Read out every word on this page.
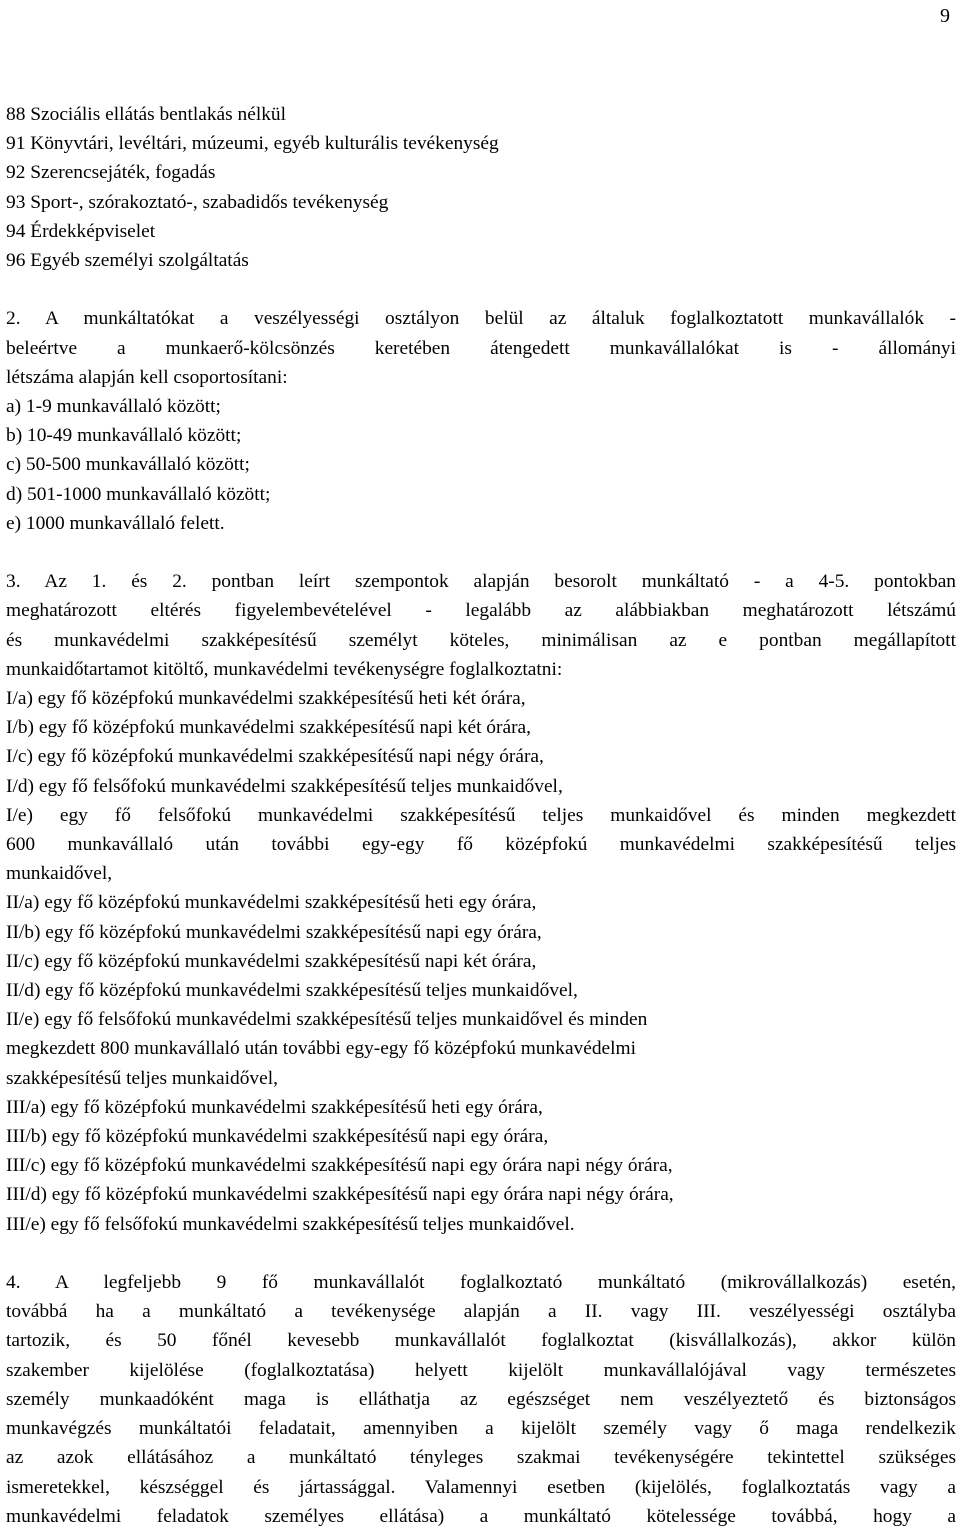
9
88 Szociális ellátás bentlakás nélkül
91 Könyvtári, levéltári, múzeumi, egyéb kulturális tevékenység
92 Szerencsejáték, fogadás
93 Sport-, szórakoztató-, szabadidős tevékenység
94 Érdekképviselet
96 Egyéb személyi szolgáltatás
2. A munkáltatókat a veszélyességi osztályon belül az általuk foglalkoztatott munkavállalók -
beleértve a munkaerő-kölcsönzés keretében átengedett munkavállalókat is - állományi
létszáma alapján kell csoportosítani:
a) 1-9 munkavállaló között;
b) 10-49 munkavállaló között;
c) 50-500 munkavállaló között;
d) 501-1000 munkavállaló között;
e) 1000 munkavállaló felett.
3. Az 1. és 2. pontban leírt szempontok alapján besorolt munkáltató - a 4-5. pontokban
meghatározott eltérés figyelembevételével - legalább az alábbiakban meghatározott létszámú
és munkavédelmi szakképesítésű személyt köteles, minimálisan az e pontban megállapított
munkaidőtartamot kitöltő, munkavédelmi tevékenységre foglalkoztatni:
I/a) egy fő középfokú munkavédelmi szakképesítésű heti két órára,
I/b) egy fő középfokú munkavédelmi szakképesítésű napi két órára,
I/c) egy fő középfokú munkavédelmi szakképesítésű napi négy órára,
I/d) egy fő felsőfokú munkavédelmi szakképesítésű teljes munkaidővel,
I/e) egy fő felsőfokú munkavédelmi szakképesítésű teljes munkaidővel és minden megkezdett
600 munkavállaló után további egy-egy fő középfokú munkavédelmi szakképesítésű teljes
munkaidővel,
II/a) egy fő középfokú munkavédelmi szakképesítésű heti egy órára,
II/b) egy fő középfokú munkavédelmi szakképesítésű napi egy órára,
II/c) egy fő középfokú munkavédelmi szakképesítésű napi két órára,
II/d) egy fő középfokú munkavédelmi szakképesítésű teljes munkaidővel,
II/e) egy fő felsőfokú munkavédelmi szakképesítésű teljes munkaidővel és minden
megkezdett 800 munkavállaló után további egy-egy fő középfokú munkavédelmi
szakképesítésű teljes munkaidővel,
III/a) egy fő középfokú munkavédelmi szakképesítésű heti egy órára,
III/b) egy fő középfokú munkavédelmi szakképesítésű napi egy órára,
III/c) egy fő középfokú munkavédelmi szakképesítésű napi egy órára napi négy órára,
III/d) egy fő középfokú munkavédelmi szakképesítésű napi egy órára napi négy órára,
III/e) egy fő felsőfokú munkavédelmi szakképesítésű teljes munkaidővel.
4. A legfeljebb 9 fő munkavállalót foglalkoztató munkáltató (mikrovállalkozás) esetén,
továbbá ha a munkáltató a tevékenysége alapján a II. vagy III. veszélyességi osztályba
tartozik, és 50 főnél kevesebb munkavállalót foglalkoztat (kisvállalkozás), akkor külön
szakember kijelölése (foglalkoztatása) helyett kijelölt munkavállalójával vagy természetes
személy munkaadóként maga is elláthatja az egészséget nem veszélyeztető és biztonságos
munkavégzés munkáltatói feladatait, amennyiben a kijelölt személy vagy ő maga rendelkezik
az azok ellátásához a munkáltató tényleges szakmai tevékenységére tekintettel szükséges
ismeretekkel, készséggel és jártassággal. Valamennyi esetben (kijelölés, foglalkoztatás vagy a
munkavédelmi feladatok személyes ellátása) a munkáltató kötelessége továbbá, hogy a
